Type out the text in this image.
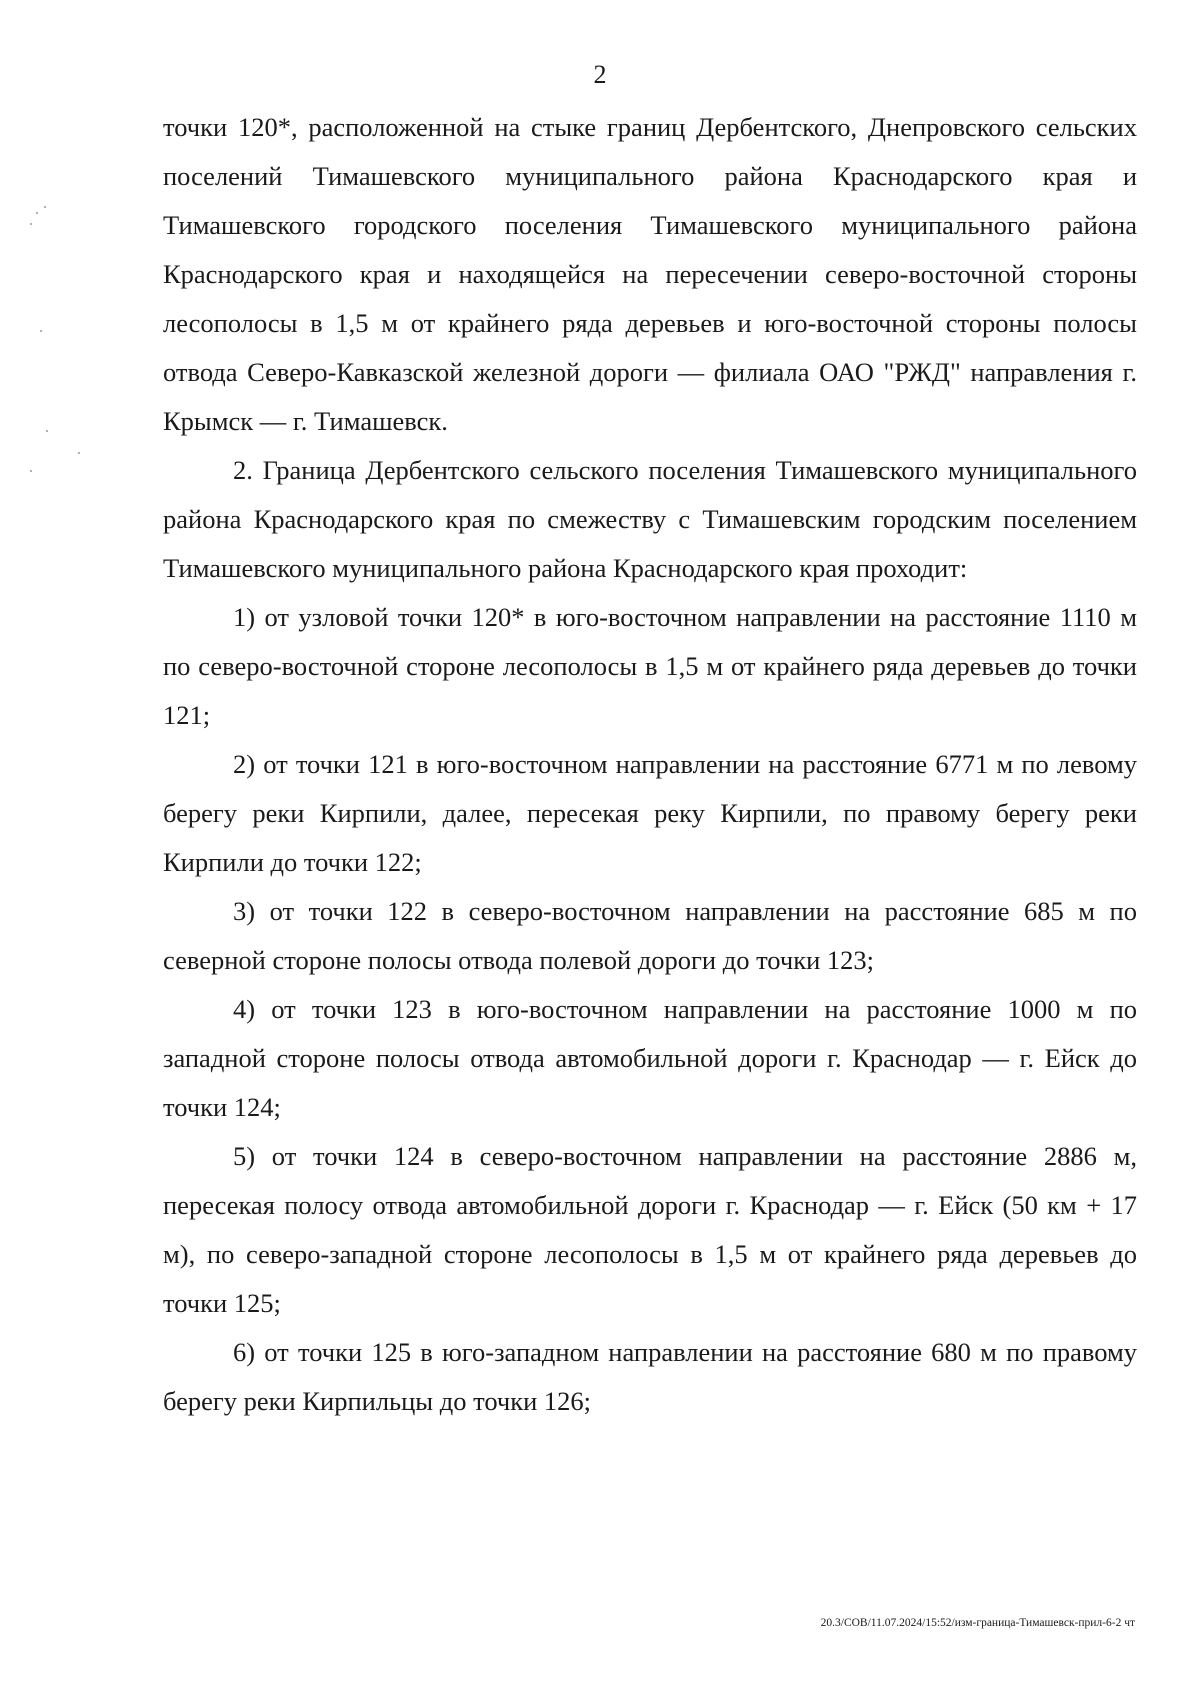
2

точки 120*, расположенной на стыке границ Дербентского, Днепровского сельских поселений Тимашевского муниципального района Краснодарского края и Тимашевского городского поселения Тимашевского муниципального района Краснодарского края и находящейся на пересечении северо-восточной стороны лесополосы в 1,5 м от крайнего ряда деревьев и юго-восточной стороны полосы отвода Северо-Кавказской железной дороги — филиала ОАО "РЖД" направления г. Крымск — г. Тимашевск.

2. Граница Дербентского сельского поселения Тимашевского муниципального района Краснодарского края по смежеству с Тимашевским городским поселением Тимашевского муниципального района Краснодарского края проходит:

1) от узловой точки 120* в юго-восточном направлении на расстояние 1110 м по северо-восточной стороне лесополосы в 1,5 м от крайнего ряда деревьев до точки 121;

2) от точки 121 в юго-восточном направлении на расстояние 6771 м по левому берегу реки Кирпили, далее, пересекая реку Кирпили, по правому берегу реки Кирпили до точки 122;

3) от точки 122 в северо-восточном направлении на расстояние 685 м по северной стороне полосы отвода полевой дороги до точки 123;

4) от точки 123 в юго-восточном направлении на расстояние 1000 м по западной стороне полосы отвода автомобильной дороги г. Краснодар — г. Ейск до точки 124;

5) от точки 124 в северо-восточном направлении на расстояние 2886 м, пересекая полосу отвода автомобильной дороги г. Краснодар — г. Ейск (50 км + 17 м), по северо-западной стороне лесополосы в 1,5 м от крайнего ряда деревьев до точки 125;

6) от точки 125 в юго-западном направлении на расстояние 680 м по правому берегу реки Кирпильцы до точки 126;

20.3/СОВ/11.07.2024/15:52/изм-граница-Тимашевск-прил-6-2 чт
